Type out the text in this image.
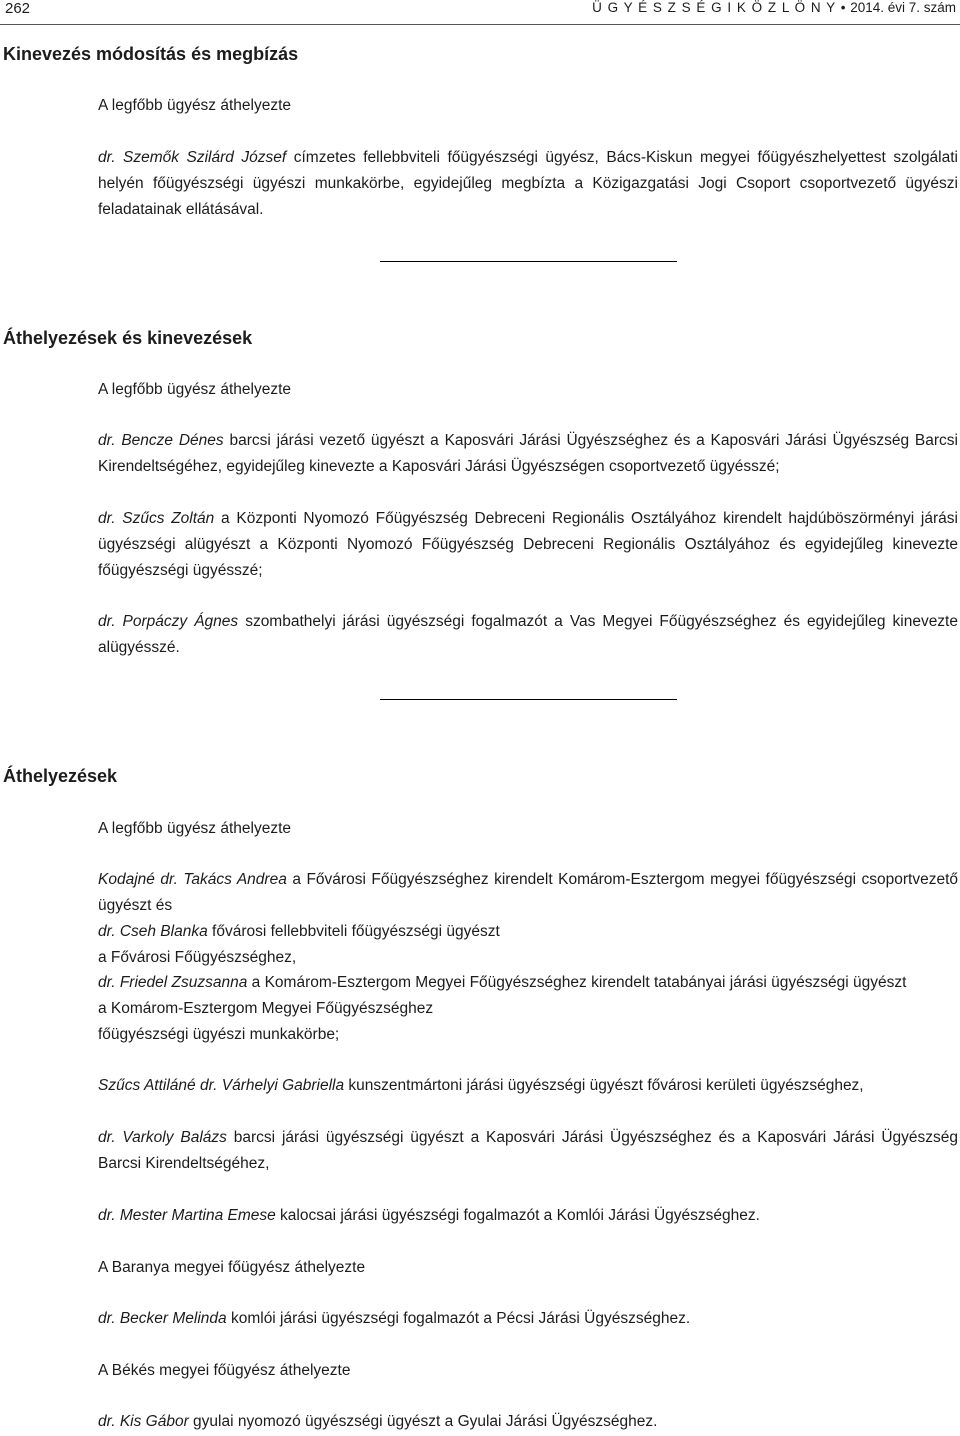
262	Ü G Y É S Z S É G I K Ö Z L Ö N Y • 2014. évi 7. szám
Kinevezés módosítás és megbízás
A legfőbb ügyész áthelyezte
dr. Szemők Szilárd József címzetes fellebbviteli főügyészségi ügyész, Bács-Kiskun megyei főügyészhelyettest szolgálati helyén főügyészségi ügyészi munkakörbe, egyidejűleg megbízta a Közigazgatási Jogi Csoport csoportvezető ügyészi feladatainak ellátásával.
Áthelyezések és kinevezések
A legfőbb ügyész áthelyezte
dr. Bencze Dénes barcsi járási vezető ügyészt a Kaposvári Járási Ügyészséghez és a Kaposvári Járási Ügyészség Barcsi Kirendeltségéhez, egyidejűleg kinevezte a Kaposvári Járási Ügyészségen csoportvezető ügyésszé;
dr. Szűcs Zoltán a Központi Nyomozó Főügyészség Debreceni Regionális Osztályához kirendelt hajdúböszörményi járási ügyészségi alügyészt a Központi Nyomozó Főügyészség Debreceni Regionális Osztályához és egyidejűleg kinevezte főügyészségi ügyésszé;
dr. Porpáczy Ágnes szombathelyi járási ügyészségi fogalmazót a Vas Megyei Főügyészséghez és egyidejűleg kinevezte alügyésszé.
Áthelyezések
A legfőbb ügyész áthelyezte
Kodajné dr. Takács Andrea a Fővárosi Főügyészséghez kirendelt Komárom-Esztergom megyei főügyészségi csoportvezető ügyészt és
dr. Cseh Blanka fővárosi fellebbviteli főügyészségi ügyészt
a Fővárosi Főügyészséghez,
dr. Friedel Zsuzsanna a Komárom-Esztergom Megyei Főügyészséghez kirendelt tatabányai járási ügyészségi ügyészt
a Komárom-Esztergom Megyei Főügyészséghez
főügyészségi ügyészi munkakörbe;
Szűcs Attiláné dr. Várhelyi Gabriella kunszentmártoni járási ügyészségi ügyészt fővárosi kerületi ügyészséghez,
dr. Varkoly Balázs barcsi járási ügyészségi ügyészt a Kaposvári Járási Ügyészséghez és a Kaposvári Járási Ügyészség Barcsi Kirendeltségéhez,
dr. Mester Martina Emese kalocsai járási ügyészségi fogalmazót a Komlói Járási Ügyészséghez.
A Baranya megyei főügyész áthelyezte
dr. Becker Melinda komlói járási ügyészségi fogalmazót a Pécsi Járási Ügyészséghez.
A Békés megyei főügyész áthelyezte
dr. Kis Gábor gyulai nyomozó ügyészségi ügyészt a Gyulai Járási Ügyészséghez.
